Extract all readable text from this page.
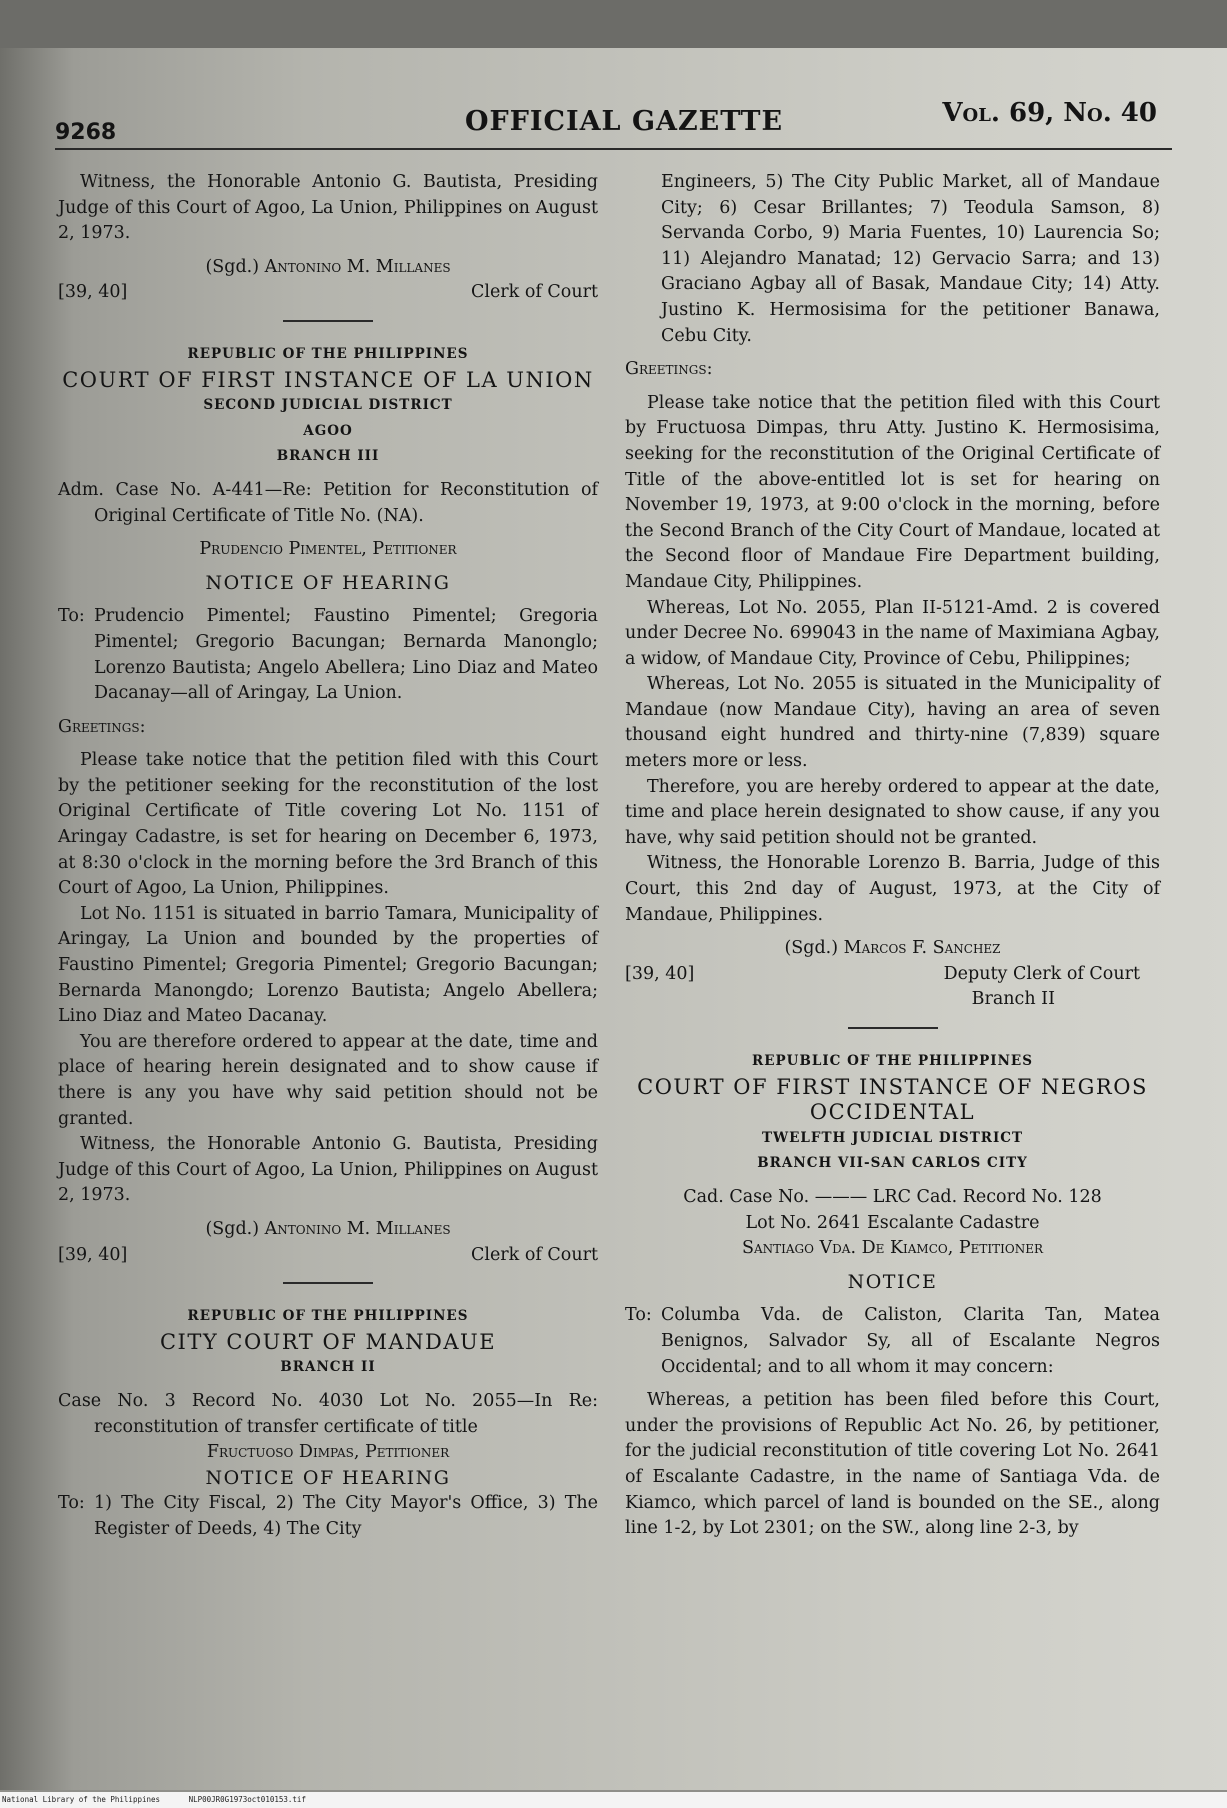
9268	OFFICIAL GAZETTE	Vol. 69, No. 40

Witness, the Honorable Antonio G. Bautista, Presiding Judge of this Court of Agoo, La Union, Philippines on August 2, 1973.

(Sgd.) Antonino M. Millanes

[39, 40]	Clerk of Court
REPUBLIC OF THE PHILIPPINES
COURT OF FIRST INSTANCE OF LA UNION
SECOND JUDICIAL DISTRICT
AGOO
BRANCH III

Adm. Case No. A-441—Re: Petition for Reconstitution of Original Certificate of Title No. (NA).

Prudencio Pimentel, Petitioner

NOTICE OF HEARING

To: Prudencio Pimentel; Faustino Pimentel; Gregoria Pimentel; Gregorio Bacungan; Bernarda Manonglo; Lorenzo Bautista; Angelo Abellera; Lino Diaz and Mateo Dacanay—all of Aringay, La Union.

Greetings:

Please take notice that the petition filed with this Court by the petitioner seeking for the reconstitution of the lost Original Certificate of Title covering Lot No. 1151 of Aringay Cadastre, is set for hearing on December 6, 1973, at 8:30 o'clock in the morning before the 3rd Branch of this Court of Agoo, La Union, Philippines.

Lot No. 1151 is situated in barrio Tamara, Municipality of Aringay, La Union and bounded by the properties of Faustino Pimentel; Gregoria Pimentel; Gregorio Bacungan; Bernarda Manongdo; Lorenzo Bautista; Angelo Abellera; Lino Diaz and Mateo Dacanay.

You are therefore ordered to appear at the date, time and place of hearing herein designated and to show cause if there is any you have why said petition should not be granted.

Witness, the Honorable Antonio G. Bautista, Presiding Judge of this Court of Agoo, La Union, Philippines on August 2, 1973.

(Sgd.) Antonino M. Millanes

[39, 40]	Clerk of Court
REPUBLIC OF THE PHILIPPINES
CITY COURT OF MANDAUE
BRANCH II

Case No. 3 Record No. 4030 Lot No. 2055—In Re: reconstitution of transfer certificate of title

Fructuoso Dimpas, Petitioner

NOTICE OF HEARING

To: 1) The City Fiscal, 2) The City Mayor's Office, 3) The Register of Deeds, 4) The City

Engineers, 5) The City Public Market, all of Mandaue City; 6) Cesar Brillantes; 7) Teodula Samson, 8) Servanda Corbo, 9) Maria Fuentes, 10) Laurencia So; 11) Alejandro Manatad; 12) Gervacio Sarra; and 13) Graciano Agbay all of Basak, Mandaue City; 14) Atty. Justino K. Hermosisima for the petitioner Banawa, Cebu City.

Greetings:

Please take notice that the petition filed with this Court by Fructuosa Dimpas, thru Atty. Justino K. Hermosisima, seeking for the reconstitution of the Original Certificate of Title of the above-entitled lot is set for hearing on November 19, 1973, at 9:00 o'clock in the morning, before the Second Branch of the City Court of Mandaue, located at the Second floor of Mandaue Fire Department building, Mandaue City, Philippines.

Whereas, Lot No. 2055, Plan II-5121-Amd. 2 is covered under Decree No. 699043 in the name of Maximiana Agbay, a widow, of Mandaue City, Province of Cebu, Philippines;

Whereas, Lot No. 2055 is situated in the Municipality of Mandaue (now Mandaue City), having an area of seven thousand eight hundred and thirty-nine (7,839) square meters more or less.

Therefore, you are hereby ordered to appear at the date, time and place herein designated to show cause, if any you have, why said petition should not be granted.

Witness, the Honorable Lorenzo B. Barria, Judge of this Court, this 2nd day of August, 1973, at the City of Mandaue, Philippines.

(Sgd.) Marcos F. Sanchez

[39, 40]	Deputy Clerk of Court

Branch II

REPUBLIC OF THE PHILIPPINES
COURT OF FIRST INSTANCE OF NEGROS OCCIDENTAL
TWELFTH JUDICIAL DISTRICT
BRANCH VII-SAN CARLOS CITY

Cad. Case No. ——— LRC Cad. Record No. 128

Lot No. 2641 Escalante Cadastre

Santiago Vda. De Kiamco, Petitioner

NOTICE

To: Columba Vda. de Caliston, Clarita Tan, Matea Benignos, Salvador Sy, all of Escalante Negros Occidental; and to all whom it may concern:

Whereas, a petition has been filed before this Court, under the provisions of Republic Act No. 26, by petitioner, for the judicial reconstitution of title covering Lot No. 2641 of Escalante Cadastre, in the name of Santiaga Vda. de Kiamco, which parcel of land is bounded on the SE., along line 1-2, by Lot 2301; on the SW., along line 2-3, by

National Library of the Philippines	NLP00JR0G1973oct010153.tif
